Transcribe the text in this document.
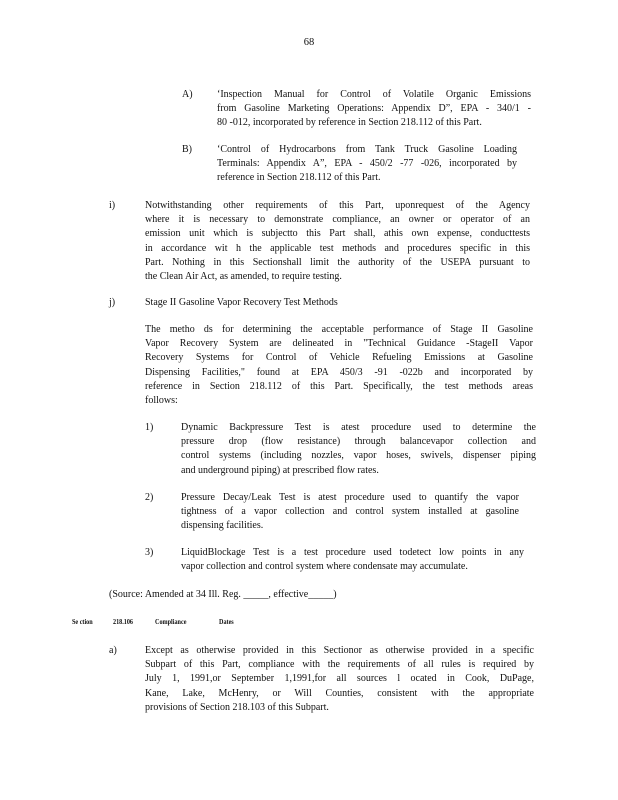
68
A) ‘Inspection Manual for Control of Volatile Organic Emissions
from Gasoline Marketing Operations: Appendix D”, EPA - 340/1 -
80 -012, incorporated by reference in Section 218.112 of this Part.
B)	‘Control of Hydrocarbons from Tank Truck Gasoline Loading
Terminals: Appendix A”, EPA - 450/2 -77 -026, incorporated by
reference in Section 218.112 of this Part.
i)	Notwithstanding other requirements of this Part, uponrequest of the Agency
where it is necessary to demonstrate compliance, an owner or operator of an
emission unit which is subjectto this Part shall, athis own expense, conducttests
in accordance wit h the applicable test methods and procedures specific in this
Part. Nothing in this Sectionshall limit the authority of the USEPA pursuant to
the Clean Air Act, as amended, to require testing.
j)	Stage II Gasoline Vapor Recovery Test Methods
The metho ds for determining the acceptable performance of Stage II Gasoline
Vapor Recovery System are delineated in "Technical Guidance -StageII Vapor
Recovery Systems for Control of Vehicle Refueling Emissions at Gasoline
Dispensing Facilities," found at EPA 450/3 -91 -022b and incorporated by
reference in Section 218.112 of this Part. Specifically, the test methods areas
follows:
1)	Dynamic Backpressure Test is atest procedure used to determine the
pressure drop (flow resistance) through balancevapor collection and
control systems (including nozzles, vapor hoses, swivels, dispenser piping
and underground piping) at prescribed flow rates.
2)	Pressure Decay/Leak Test is atest procedure used to quantify the vapor
tightness of a vapor collection and control system installed at gasoline
dispensing facilities.
3)	LiquidBlockage Test is a test procedure used todetect low points in any
vapor collection and control system where condensate may accumulate.
(Source: Amended at 34 Ill. Reg. _____, effective_____)
Se ction	218.106	Compliance	Dates
a)	Except as otherwise provided in this Sectionor as otherwise provided in a specific
Subpart of this Part, compliance with the requirements of all rules is required by
July 1, 1991,or September 1,1991,for all sources l ocated in Cook, DuPage,
Kane, Lake, McHenry, or Will Counties, consistent with the appropriate
provisions of Section 218.103 of this Subpart.
